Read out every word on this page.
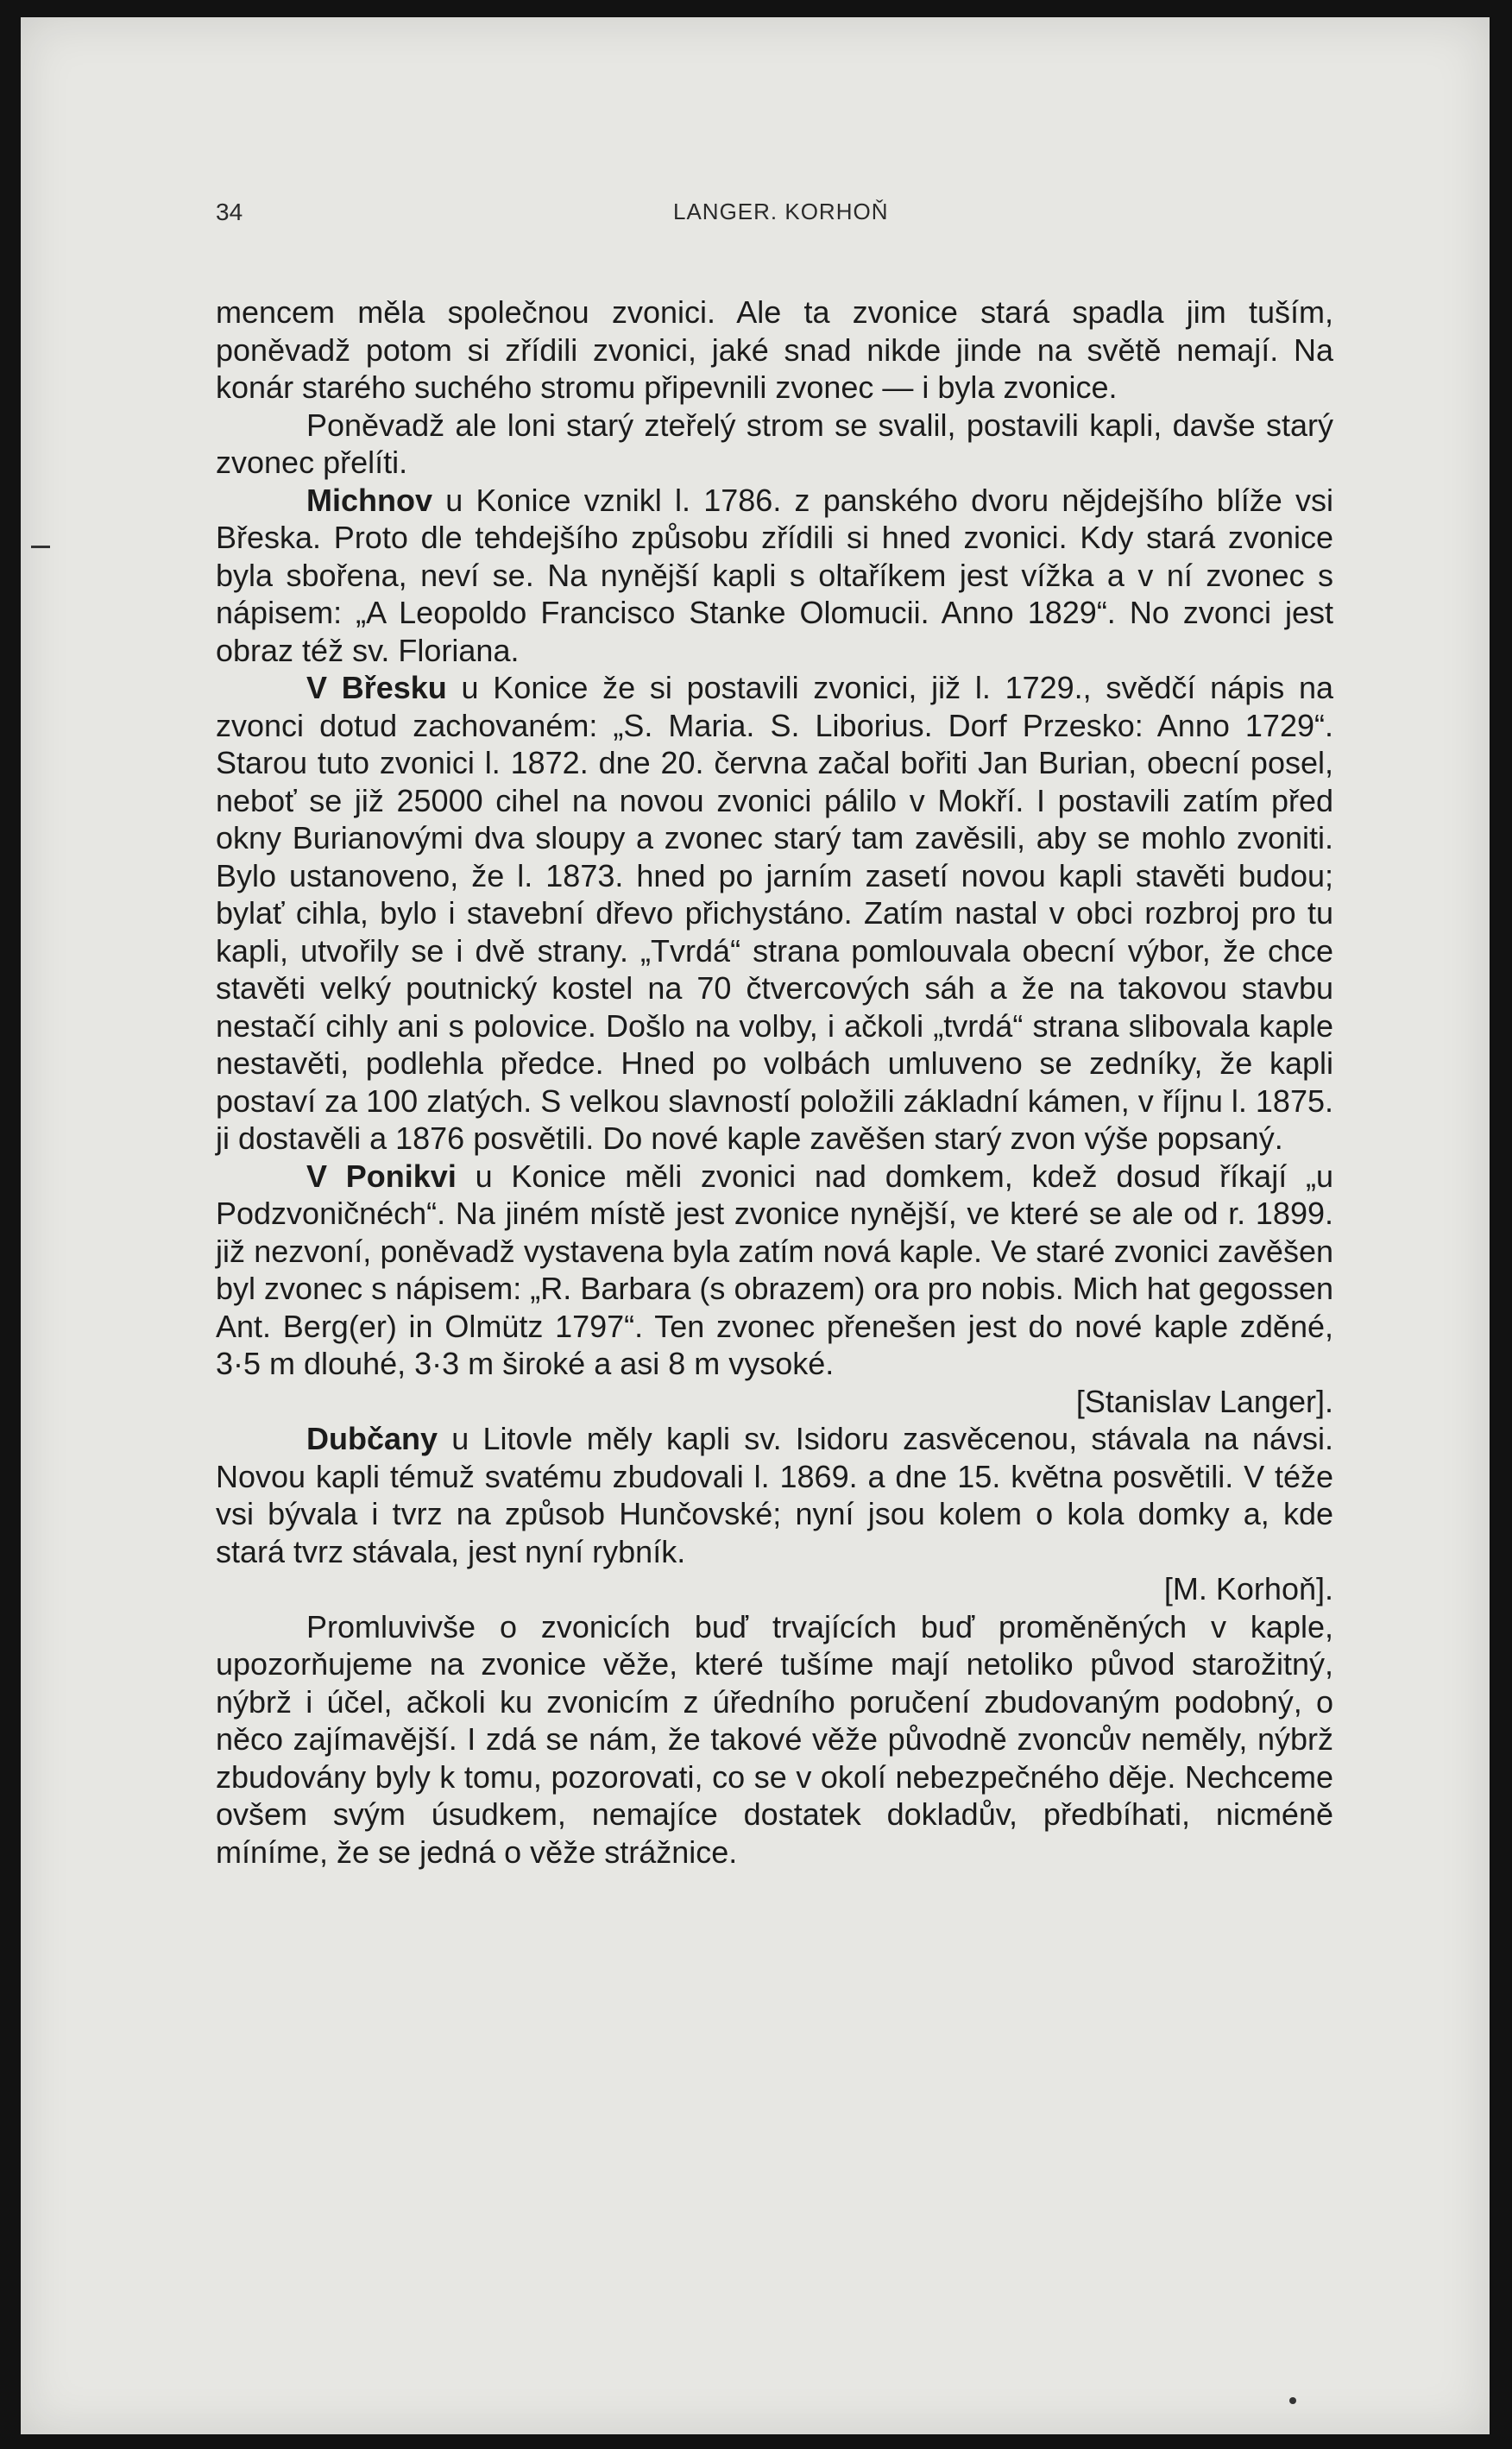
34	LANGER. KORHOŇ

mencem měla společnou zvonici. Ale ta zvonice stará spadla jim tuším, poněvadž potom si zřídili zvonici, jaké snad nikde jinde na světě nemají. Na konár starého suchého stromu připevnili zvonec — i byla zvonice.

Poněvadž ale loni starý zteřelý strom se svalil, postavili kapli, davše starý zvonec přelíti.

Michnov u Konice vznikl l. 1786. z panského dvoru nějdejšího blíže vsi Břeska. Proto dle tehdejšího způsobu zřídili si hned zvonici. Kdy stará zvonice byla sbořena, neví se. Na nynější kapli s oltaříkem jest vížka a v ní zvonec s nápisem: „A Leopoldo Francisco Stanke Olomucii. Anno 1829“. No zvonci jest obraz též sv. Floriana.

V Břesku u Konice že si postavili zvonici, již l. 1729., svědčí nápis na zvonci dotud zachovaném: „S. Maria. S. Liborius. Dorf Przesko: Anno 1729“. Starou tuto zvonici l. 1872. dne 20. června začal bořiti Jan Burian, obecní posel, neboť se již 25000 cihel na novou zvonici pálilo v Mokří. I postavili zatím před okny Burianovými dva sloupy a zvonec starý tam zavěsili, aby se mohlo zvoniti. Bylo ustanoveno, že l. 1873. hned po jarním zasetí novou kapli stavěti budou; bylať cihla, bylo i stavební dřevo přichystáno. Zatím nastal v obci rozbroj pro tu kapli, utvořily se i dvě strany. „Tvrdá“ strana pomlouvala obecní výbor, že chce stavěti velký poutnický kostel na 70 čtvercových sáh a že na takovou stavbu nestačí cihly ani s polovice. Došlo na volby, i ačkoli „tvrdá“ strana slibovala kaple nestavěti, podlehla předce. Hned po volbách umluveno se zedníky, že kapli postaví za 100 zlatých. S velkou slavností položili základní kámen, v říjnu l. 1875. ji dostavěli a 1876 posvětili. Do nové kaple zavěšen starý zvon výše popsaný.

V Ponikvi u Konice měli zvonici nad domkem, kdež dosud říkají „u Podzvoničnéch“. Na jiném místě jest zvonice nynější, ve které se ale od r. 1899. již nezvoní, poněvadž vystavena byla zatím nová kaple. Ve staré zvonici zavěšen byl zvonec s nápisem: „R. Barbara (s obrazem) ora pro nobis. Mich hat gegossen Ant. Berg(er) in Olmütz 1797“. Ten zvonec přenešen jest do nové kaple zděné, 3·5 m dlouhé, 3·3 m široké a asi 8 m vysoké.

[Stanislav Langer].

Dubčany u Litovle měly kapli sv. Isidoru zasvěcenou, stávala na návsi. Novou kapli témuž svatému zbudovali l. 1869. a dne 15. května posvětili. V téže vsi bývala i tvrz na způsob Hunčovské; nyní jsou kolem o kola domky a, kde stará tvrz stávala, jest nyní rybník.

[M. Korhoň].

Promluvivše o zvonicích buď trvajících buď proměněných v kaple, upozorňujeme na zvonice věže, které tušíme mají netoliko původ starožitný, nýbrž i účel, ačkoli ku zvonicím z úředního poručení zbudovaným podobný, o něco zajímavější. I zdá se nám, že takové věže původně zvoncův neměly, nýbrž zbudovány byly k tomu, pozorovati, co se v okolí nebezpečného děje. Nechceme ovšem svým úsudkem, nemajíce dostatek dokladův, předbíhati, nicméně míníme, že se jedná o věže strážnice.
